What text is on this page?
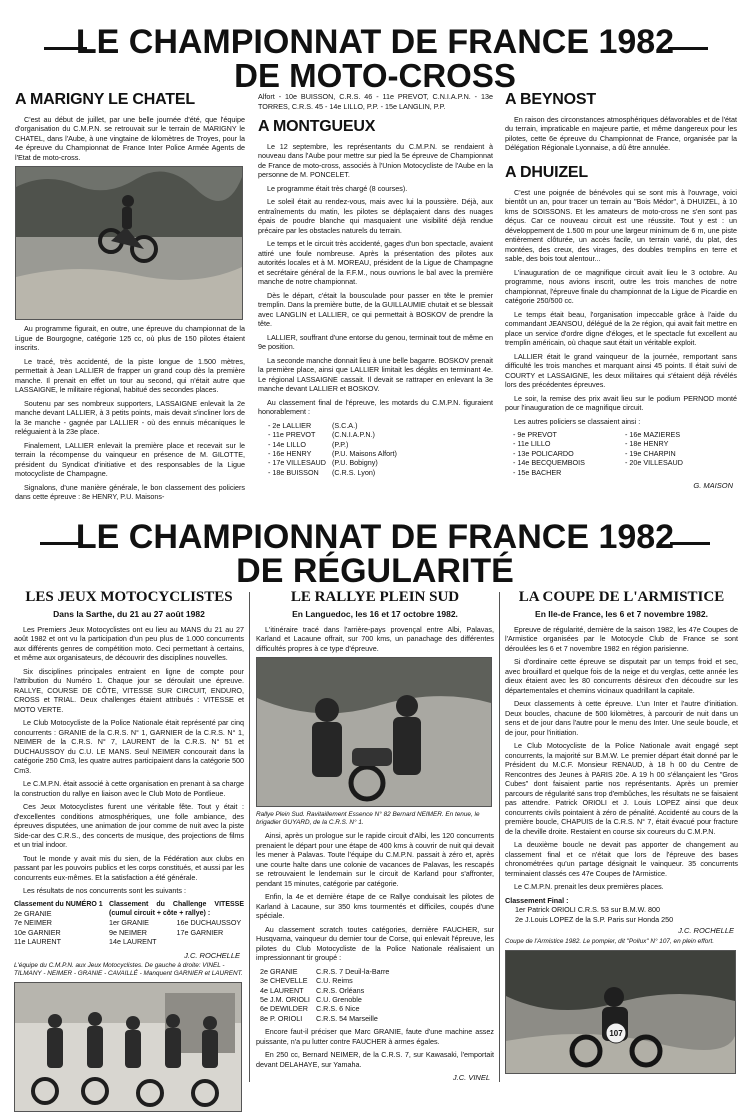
LE CHAMPIONNAT DE FRANCE 1982
DE MOTO-CROSS
A MARIGNY LE CHATEL

C'est au début de juillet, par une belle journée d'été, que l'équipe d'organisation du C.M.P.N. se retrouvait sur le terrain de MARIGNY le CHATEL, dans l'Aube, à une vingtaine de kilomètres de Troyes, pour la 4e épreuve du Championnat de France Inter Police Armée Agents de l'Etat de moto-cross.

Au programme figurait, en outre, une épreuve du championnat de la Ligue de Bourgogne, catégorie 125 cc, où plus de 150 pilotes étaient inscrits.

Le tracé, très accidenté, de la piste longue de 1.500 mètres, permettait à Jean LALLIER de frapper un grand coup dès la première manche. Il prenait en effet un tour au second, qui n'était autre que LASSAIGNE, le militaire régional, habitué des secondes places.

Soutenu par ses nombreux supporters, LASSAIGNE enlevait la 2e manche devant LALLIER, à 3 petits points, mais devait s'incliner lors de la 3e manche - gagnée par LALLIER - où des ennuis mécaniques le reléguaient à la 23e place.

Finalement, LALLIER enlevait la première place et recevait sur le terrain la récompense du vainqueur en présence de M. GILOTTE, président du Syndicat d'initiative et des responsables de la Ligue motocycliste de Champagne.

Signalons, d'une manière générale, le bon classement des policiers dans cette épreuve : 8e HENRY, P.U. Maisons-

Alfort - 10e BUISSON, C.R.S. 46 - 11e PREVOT, C.N.I.A.P.N. - 13e TORRES, C.R.S. 45 - 14e LILLO, P.P. - 15e LANGLIN, P.P.

A MONTGUEUX

Le 12 septembre, les représentants du C.M.P.N. se rendaient à nouveau dans l'Aube pour mettre sur pied la 5e épreuve de Championnat de France de moto-cross, associés à l'Union Motocycliste de l'Aube en la personne de M. PONCELET.

Le programme était très chargé (8 courses).

Le soleil était au rendez-vous, mais avec lui la poussière. Déjà, aux entraînements du matin, les pilotes se déplaçaient dans des nuages épais de poudre blanche qui masquaient une visibilité déjà rendue précaire par les obstacles naturels du terrain.

Le temps et le circuit très accidenté, gages d'un bon spectacle, avaient attiré une foule nombreuse. Après la présentation des pilotes aux autorités locales et à M. MOREAU, président de la Ligue de Champagne et secrétaire général de la F.F.M., nous ouvrions le bal avec la première manche de notre championnat.

Dès le départ, c'était la bousculade pour passer en tête le premier tremplin. Dans la première butte, de la GUILLAUMIE chutait et se blessait avec LANGLIN et LALLIER, ce qui permettait à BOSKOV de prendre la tête.

LALLIER, souffrant d'une entorse du genou, terminait tout de même en 9e position.

La seconde manche donnait lieu à une belle bagarre. BOSKOV prenait la première place, ainsi que LALLIER limitait les dégâts en terminant 4e. Le régional LASSAIGNE cassait. Il devait se rattraper en enlevant la 3e manche devant LALLIER et BOSKOV.

Au classement final de l'épreuve, les motards du C.M.P.N. figuraient honorablement :

- 2e LALLIER	(S.C.A.)
- 11e PREVOT	(C.N.I.A.P.N.)
- 14e LILLO	(P.P.)
- 16e HENRY	(P.U. Maisons Alfort)
- 17e VILLESAUD	(P.U. Bobigny)
- 18e BUISSON	(C.R.S. Lyon)
A BEYNOST

En raison des circonstances atmosphériques défavorables et de l'état du terrain, impraticable en majeure partie, et même dangereux pour les pilotes, cette 6e épreuve du Championnat de France, organisée par la Délégation Régionale Lyonnaise, a dû être annulée.

A DHUIZEL

C'est une poignée de bénévoles qui se sont mis à l'ouvrage, voici bientôt un an, pour tracer un terrain au "Bois Médor", à DHUIZEL, à 10 kms de SOISSONS. Et les amateurs de moto-cross ne s'en sont pas déçus. Car ce nouveau circuit est une réussite. Tout y est : un développement de 1.500 m pour une largeur minimum de 6 m, une piste entièrement clôturée, un accès facile, un terrain varié, du plat, des montées, des creux, des virages, des doubles tremplins en terre et sable, des bois tout alentour...

L'inauguration de ce magnifique circuit avait lieu le 3 octobre. Au programme, nous avions inscrit, outre les trois manches de notre championnat, l'épreuve finale du championnat de la Ligue de Picardie en catégorie 250/500 cc.

Le temps était beau, l'organisation impeccable grâce à l'aide du commandant JEANSOU, délégué de la 2e région, qui avait fait mettre en place un service d'ordre digne d'éloges, et le spectacle fut excellent au tremplin américain, où chaque saut était un véritable exploit.

LALLIER était le grand vainqueur de la journée, remportant sans difficulté les trois manches et marquant ainsi 45 points. Il était suivi de COURTY et LASSAIGNE, les deux militaires qui s'étaient déjà révélés lors des précédentes épreuves.

Le soir, la remise des prix avait lieu sur le podium PERNOD monté pour l'inauguration de ce magnifique circuit.

Les autres policiers se classaient ainsi :

- 9e PREVOT
- 11e LILLO
- 13e POLICARDO
- 14e BECQUEMBOIS
- 15e BACHER
- 16e MAZIERES
- 18e HENRY
- 19e CHARPIN
- 20e VILLESAUD
G. MAISON
LE CHAMPIONNAT DE FRANCE 1982
DE RÉGULARITÉ
LES JEUX MOTOCYCLISTES
Dans la Sarthe, du 21 au 27 août 1982

Les Premiers Jeux Motocyclistes ont eu lieu au MANS du 21 au 27 août 1982 et ont vu la participation d'un peu plus de 1.000 concurrents aux différents genres de compétition moto. Ceci permettant à certains, et même aux organisateurs, de découvrir des disciplines nouvelles.

Six disciplines principales entraient en ligne de compte pour l'attribution du Numéro 1. Chaque jour se déroulait une épreuve. RALLYE, COURSE DE CÔTE, VITESSE SUR CIRCUIT, ENDURO, CROSS et TRIAL. Deux challenges étaient attribués : VITESSE et MOTO VERTE.

Le Club Motocycliste de la Police Nationale était représenté par cinq concurrents : GRANIE de la C.R.S. N° 1, GARNIER de la C.R.S. N° 1, NEIMER de la C.R.S. N° 7, LAURENT de la C.R.S. N° 51 et DUCHAUSSOY du C.U. LE MANS. Seul NEIMER concourait dans la catégorie 250 Cm3, les quatre autres participaient dans la catégorie 500 Cm3.

Le C.M.P.N. était associé à cette organisation en prenant à sa charge la construction du rallye en liaison avec le Club Moto de Pontlieue.

Ces Jeux Motocyclistes furent une véritable fête. Tout y était : d'excellentes conditions atmosphériques, une folle ambiance, des épreuves disputées, une animation de jour comme de nuit avec la piste Side-car des C.R.S., des concerts de musique, des projections de films et un trial indoor.

Tout le monde y avait mis du sien, de la Fédération aux clubs en passant par les pouvoirs publics et les corps constitués, et aussi par les concurrents eux-mêmes. Et la satisfaction a été générale.

Les résultats de nos concurrents sont les suivants :

Classement du NUMÉRO 1
2e GRANIE
7e NEIMER
10e GARNIER
11e LAURENT
Classement du Challenge VITESSE (cumul circuit + côte + rallye) :
1er GRANIE
9e NEIMER
14e LAURENT
16e DUCHAUSSOY
17e GARNIER
J.C. ROCHELLE
L'équipe du C.M.P.N. aux Jeux Motocyclistes. De gauche à droite: VINEL - TILMANY - NEIMER - GRANIE - CAVAILLÉ - Manquent GARNIER et LAURENT.
LE RALLYE PLEIN SUD
En Languedoc, les 16 et 17 octobre 1982.

L'itinéraire tracé dans l'arrière-pays provençal entre Albi, Palavas, Karland et Lacaune offrait, sur 700 kms, un panachage des différentes difficultés propres à ce type d'épreuve.

Rallye Plein Sud. Ravitaillement Essence N° 82 Bernard NEIMER. En tenue, le brigadier GUYARD, de la C.R.S. N° 1.

Ainsi, après un prologue sur le rapide circuit d'Albi, les 120 concurrents prenaient le départ pour une étape de 400 kms à couvrir de nuit qui devait les mener à Palavas. Toute l'équipe du C.M.P.N. passait à zéro et, après une courte halte dans une colonie de vacances de Palavas, les rescapés se retrouvaient le lendemain sur le circuit de Karland pour s'affronter, pendant 15 minutes, catégorie par catégorie.

Enfin, la 4e et dernière étape de ce Rallye conduisait les pilotes de Karland à Lacaune, sur 350 kms tourmentés et difficiles, coupés d'une spéciale.

Au classement scratch toutes catégories, dernière FAUCHER, sur Husqvarna, vainqueur du dernier tour de Corse, qui enlevait l'épreuve, les pilotes du Club Motocycliste de la Police Nationale réalisaient un impressionnant tir groupé :

2e GRANIE	C.R.S. 7 Deuil-la-Barre
3e CHEVELLE	C.U. Reims
4e LAURENT	C.R.S. Orléans
5e J.M. ORIOLI	C.U. Grenoble
6e DEWILDER	C.R.S. 6 Nice
8e P. ORIOLI	C.R.S. 54 Marseille

Encore faut-il préciser que Marc GRANIE, faute d'une machine assez puissante, n'a pu lutter contre FAUCHER à armes égales.

En 250 cc, Bernard NEIMER, de la C.R.S. 7, sur Kawasaki, l'emportait devant DELAHAYE, sur Yamaha.

J.C. VINEL
LA COUPE DE L'ARMISTICE
En Ile-de France, les 6 et 7 novembre 1982.

Epreuve de régularité, dernière de la saison 1982, les 47e Coupes de l'Armistice organisées par le Motocycle Club de France se sont déroulées les 6 et 7 novembre 1982 en région parisienne.

Si d'ordinaire cette épreuve se disputait par un temps froid et sec, avec brouillard et quelque fois de la neige et du verglas, cette année les dieux étaient avec les 80 concurrents désireux d'en découdre sur les départementales et chemins vicinaux quadrillant la capitale.

Deux classements à cette épreuve. L'un Inter et l'autre d'initiation. Deux boucles, chacune de 500 kilomètres, à parcourir de nuit dans un sens et de jour dans l'autre pour le menu des Inter. Une seule boucle, et de jour, pour l'initiation.

Le Club Motocycliste de la Police Nationale avait engagé sept concurrents, la majorité sur B.M.W. Le premier départ était donné par le Président du M.C.F. Monsieur RENAUD, à 18 h 00 du Centre de Rencontres des Jeunes à PARIS 20e. A 19 h 00 s'élançaient les "Gros Cubes" dont faisaient partie nos représentants. Après un premier parcours de régularité sans trop d'embûches, les résultats ne se faisaient pas attendre. Patrick ORIOLI et J. Louis LOPEZ ainsi que deux concurrents civils pointaient à zéro de pénalité. Accidenté au cours de la première boucle, CHAPUIS de la C.R.S. N° 7, était évacué pour fracture de la cheville droite. Restaient en course six coureurs du C.M.P.N.

La deuxième boucle ne devait pas apporter de changement au classement final et ce n'était que lors de l'épreuve des bases chronométrées qu'un partage désignait le vainqueur. 35 concurrents terminaient classés ces 47e Coupes de l'Armistice.

Le C.M.P.N. prenait les deux premières places.

Classement Final :
1er Patrick ORIOLI C.R.S. 53 sur B.M.W. 800
2e J.Louis LOPEZ de la S.P. Paris sur Honda 250
J.C. ROCHELLE
Coupe de l'Armistice 1982. Le pompier, dit "Pollux" N° 107, en plein effort.
107
